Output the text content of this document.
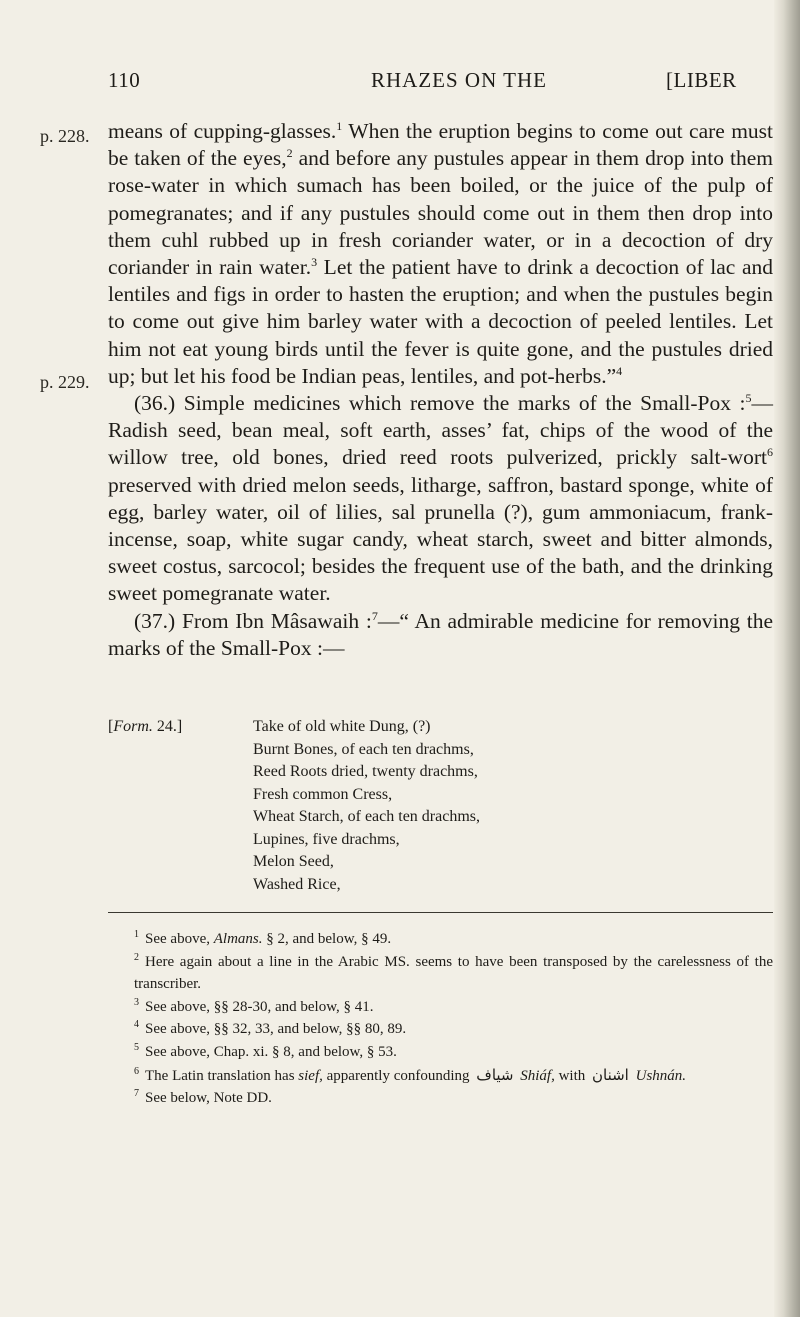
110	RHAZES ON THE	[LIBER
p. 228.
p. 229.

means of cupping-glasses.$^1$ When the eruption begins to come out care must be taken of the eyes,$^2$ and before any pustules appear in them drop into them rose-water in which sumach has been boiled, or the juice of the pulp of pomegranates; and if any pustules should come out in them then drop into them cuhl rubbed up in fresh coriander water, or in a decoction of dry coriander in rain water.$^3$ Let the patient have to drink a decoction of lac and lentiles and figs in order to hasten the eruption; and when the pustules begin to come out give him barley water with a decoction of peeled lentiles. Let him not eat young birds until the fever is quite gone, and the pustules dried up; but let his food be Indian peas, lentiles, and pot-herbs.”$^4$

(36.) Simple medicines which remove the marks of the Small-Pox :$^5$—Radish seed, bean meal, soft earth, asses’ fat, chips of the wood of the willow tree, old bones, dried reed roots pulverized, prickly salt-wort$^6$ preserved with dried melon seeds, litharge, saffron, bastard sponge, white of egg, barley water, oil of lilies, sal prunella (?), gum ammoniacum, frank-incense, soap, white sugar candy, wheat starch, sweet and bitter almonds, sweet costus, sarcocol; besides the frequent use of the bath, and the drinking sweet pomegranate water.

(37.) From Ibn Mâsawaih :$^7$—“ An admirable medicine for removing the marks of the Small-Pox :—

[Form. 24.]	Take of old white Dung, (?)
Burnt Bones, of each ten drachms,
Reed Roots dried, twenty drachms,
Fresh common Cress,
Wheat Starch, of each ten drachms,
Lupines, five drachms,
Melon Seed,
Washed Rice,

$^1$ See above, Almans. § 2, and below, § 49.

$^2$ Here again about a line in the Arabic MS. seems to have been transposed by the carelessness of the transcriber.

$^3$ See above, §§ 28-30, and below, § 41.

$^4$ See above, §§ 32, 33, and below, §§ 80, 89.

$^5$ See above, Chap. xi. § 8, and below, § 53.

$^6$ The Latin translation has sief, apparently confounding شياف Shiáf, with اشنان Ushnán.

$^7$ See below, Note DD.
